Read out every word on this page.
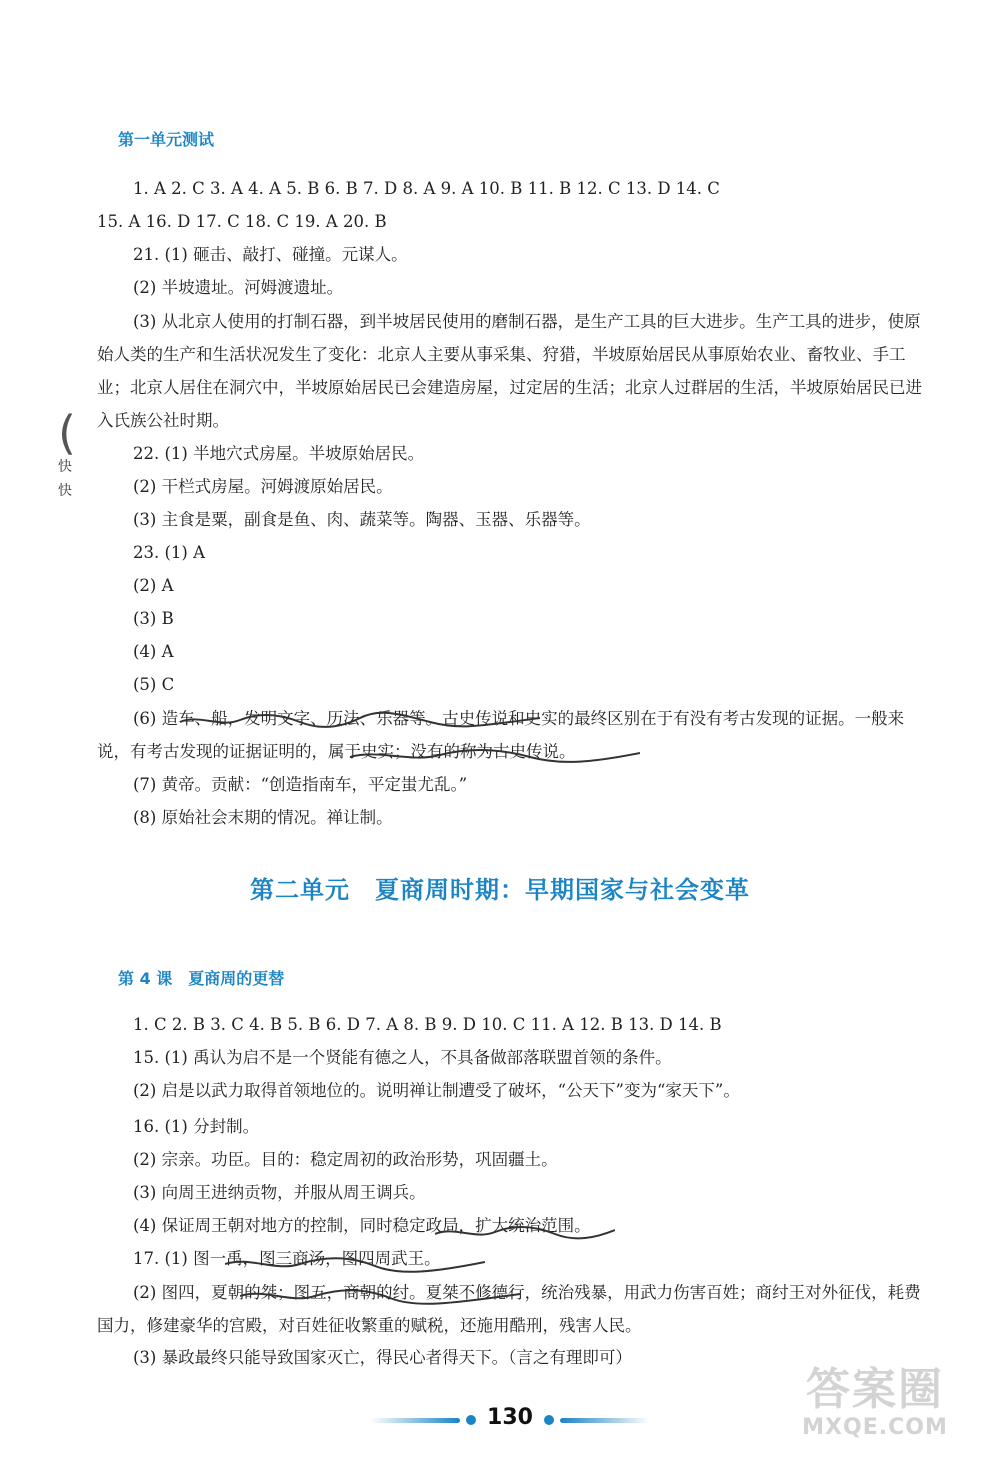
第一单元测试
1. A 2. C 3. A 4. A 5. B 6. B 7. D 8. A 9. A 10. B 11. B 12. C 13. D 14. C
15. A 16. D 17. C 18. C 19. A 20. B
21. (1) 砸击、敲打、碰撞。元谋人。
(2) 半坡遗址。河姆渡遗址。
(3) 从北京人使用的打制石器，到半坡居民使用的磨制石器，是生产工具的巨大进步。生产工具的进步，使原始人类的生产和生活状况发生了变化：北京人主要从事采集、狩猎，半坡原始居民从事原始农业、畜牧业、手工业；北京人居住在洞穴中，半坡原始居民已会建造房屋，过定居的生活；北京人过群居的生活，半坡原始居民已进入氏族公社时期。
(
快
快
22. (1) 半地穴式房屋。半坡原始居民。
(2) 干栏式房屋。河姆渡原始居民。
(3) 主食是粟，副食是鱼、肉、蔬菜等。陶器、玉器、乐器等。
23. (1) A
(2) A
(3) B
(4) A
(5) C
(6) 造车、船，发明文字、历法、乐器等。古史传说和史实的最终区别在于有没有考古发现的证据。一般来说，有考古发现的证据证明的，属于史实；没有的称为古史传说。
(7) 黄帝。贡献：“创造指南车，平定蚩尤乱。”
(8) 原始社会末期的情况。禅让制。
第二单元　夏商周时期：早期国家与社会变革
第 4 课　夏商周的更替
1. C 2. B 3. C 4. B 5. B 6. D 7. A 8. B 9. D 10. C 11. A 12. B 13. D 14. B
15. (1) 禹认为启不是一个贤能有德之人，不具备做部落联盟首领的条件。
(2) 启是以武力取得首领地位的。说明禅让制遭受了破坏，“公天下”变为“家天下”。
16. (1) 分封制。
(2) 宗亲。功臣。目的：稳定周初的政治形势，巩固疆土。
(3) 向周王进纳贡物，并服从周王调兵。
(4) 保证周王朝对地方的控制，同时稳定政局，扩大统治范围。
17. (1) 图一禹，图三商汤，图四周武王。
(2) 图四，夏朝的桀；图五，商朝的纣。夏桀不修德行，统治残暴，用武力伤害百姓；商纣王对外征伐，耗费国力，修建豪华的宫殿，对百姓征收繁重的赋税，还施用酷刑，残害人民。
(3) 暴政最终只能导致国家灭亡，得民心者得天下。（言之有理即可）
130
答案圈
MXQE.COM
